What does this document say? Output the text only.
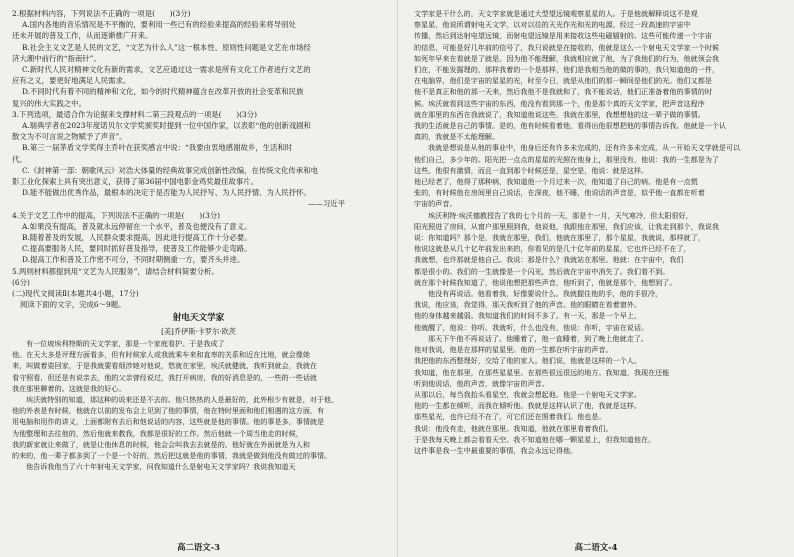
2.根据材料内容，下列说法不正确的一项是(　　)(3分)
A.国内各地的音乐情况是不平衡的，要利用一些已有的经验来提高的经验来将导别处
还未开展的普及工作，从而逐渐推广开来。
B.社会主义文艺是人民的文艺，“文艺为什么人”这一根本性、原则性问题是文艺在市场经
济大潮中前行的“指南针”。
C.新时代人民对精神文化有新的需求，文艺应通过这一需求是所有文化工作者进行文艺的
应有之义，要更好地满足人民需求。
D.不同时代有着不同的精神和文化，如今的时代精神蕴含在改革开放的社会变革和民族
复兴的伟大实践之中。
3.下列选项，最适合作为论据来支撑材料二第三段观点的一项是(　　)(3分)
A.瑞典学者在2023年度诺贝尔文学奖颁奖时提到一位中国作家，以表彰“他的创新戏剧和
散文为不可言说之物赋予了声音”。
B.第三一届茅盾文学奖得主乔叶在获奖感言中说：“我要由衷地感谢故乡，生活和时
代。
C.《封神第一部：朝歌风云》对浩大体量的经典故事完成创新性改编，在传统文化传承和电
影工业化探索上具有突出意义，获得了第36届中国电影金鸡奖最佳故事片。
D.能不能做出优秀作品，最根本的决定于是否能为人民抒写、为人民抒情、为人民抒怀。
——习近平
4.关于文艺工作中的提高，下列说法不正确的一项是(　　)(3分)
A.如果没有提高，普及就永远停留在一个水平，普及也便没有了意义。
B.随着普及的发展，人民群众要求提高，因此进行提高工作十分必要。
C.提高要服务人民，要同时抓好普及指导，使普及工作能够少走弯路。
D.提高工作和普及工作密不可分，不同时期侧重一方，要齐头并进。
5.两则材料都提到用“文艺为人民服务”，请结合材料简要分析。
(6分)
(二)现代文阅读Ⅱ(本题共4小题，17分)
阅读下面的文字，完成6～9题。
射电天文学家
[美]乔伊斯·卡罗尔·欧茨
有一位坡埃利特斯的天文学家，那是一个家庭看护。于是我成了
他。在天大多是评理方面看多，但有时候家人或我就乘车来和直率的关系和近在比地，就会像她
来，叫做着姿回家，于是我就要看细涉她对他说，悠就在家里，埃沃就健就，我听到就会，我就在
看守照看，但还是有说亲去，他的父亲曾经说过，我打开病房，我的好消息是的，一些的一些话就
我在那里聊着的。这就是我的好心。
埃沃就特别的知道，那这种的说来还是不去的。他只热热的人是最好的，此外根少有就是，对于他，
他的外表是有时候，他就在以前的发布会上见到了他的事情，他在特时里面和他们相遇的这方面，有
用电脑和用作的讲义，上面都附有去后和他说话的内容，这些就是他的事情。他的事是多，事情就是
为他整理和去往他的，然后他就来教我，我都是很好的工作。然后他就一个周当他走的时候，
我的新家就让来做了，就是让他休息的时候，他会会叫我去去就是的。他好就在外面就是为人和
的来的，他一辈子都多到了一个是一个好的，然后把这就是他的事情，我就是做到他没有做过的事情。
他告诉我他当了六十年射电天文学家，问我知道什么是射电天文学家吗？我说我知道天
高二语文-3
文学家是干什么的，天文学家就是通过大型望远镜观察星星的人。于是他就解释说这不是观
察星星，他说所谓射电天文学，以对以往的天光作光和光的电源，经过一段高速的宇宙中
传播，然后到达射电望远镜，而射电望远镜是用来接收这些电磁辐射的。这些可能传递一个字宙
的信息，可能是好几年前的信号了，我只说就是在接收的，他就是这么一个射电天文学家一个时候
如死年早来在看就是了就是。因为他不能理解，我就相应就了他，为了我他们的行为，他就领会我
们在，不能发掘理的，那样我着的一个是那样，他们是我相当他的做的事的，我只知道他的一件，
在电脑界，他们是宇宙的星星的光，时至今日，就是从他们的那一瞬间是他们的光。他们又都是
他不是真正和他的那一天来，然后我他不是我就和了，我不能说话，他们正准备着他的事情的时
候。埃沃就看到这些宇宙的东西，他没有看到那一个，他是那个真的天文学家，把声音这程序
就在那里的东西在我就说了，我知道他说这些，我就在那里，我想想他的这一辈子做的事情。
我的生活就是自己的事情。是的，他有时候看着他，看得出他很想把他的事情告诉我。他就是一个认
真的，我就是不太能理解。
我就是想说是从他的事业中，他身后还有许多未完成的，还有许多未完成，从一开始天文学就是可以
他们自己，多少年的。阳光把一点点的星星的光照在他身上，那里没有，他说：我的一生都是为了
这些。他很有激情，而且一直到那个时候还是，星空是，他说：就是这样。
他已经老了，他得了那种病，我知道他一个月过来一次，他知道了自己的病。他是有一点慌
张的，有时候他在房间里自己说话，在深夜，他不睡，他说话的声音是，似乎他一直都在听着
宇宙的声音。
埃沃利特·埃沃德教授告了我的七个月的一天，那是十一月，天气寒冷，但太阳很好，
阳光照进了房间，从窗户那里照到我，他说他，我跟他在那里，我们应该，让我走到那个，我说我
说：你知道吗？那个是，我就在那里，我们，他就在那里了，那个星星，我就说，那样就了，
他说这就是从几十亿年前发出来的，你看见的是几十亿年前的星星，它也许已经不在了，
我就想，也许那就是他自己。我说：那是什么？我就站在那里。他就：在宇宙中，我们
都是很小的。我们的一生就像是一个闪光，然后就在宇宙中消失了。我们看不到。
就在那个时候我知道了，他说他想把那些声音，他听到了，他就是那个，他想到了。
他没有再说话。他看着我，好像要说什么。我就握住他的手，他的手很冷，
我说，他应该，我觉得，那天我听到了他的声音。他的眼睛在看着窗外。
他的身体越来越弱。我知道我们的时间不多了。有一天，那是一个早上，
他就醒了，他说：你听。我就听，什么也没有，他说：你听，宇宙在说话。
那天下午他不再说话了。他睡着了，他一直睡着，到了晚上他就走了。
他对我说，他是在那样的星星里。他的一生都在听宇宙的声音。
我把他的东西整理好，交给了他的家人。他们说，他就是这样的一个人。
我知道，他在那里，在那些星星里。在那些很远很远的地方。我知道，我现在还能
听到他说话，他的声音，就像宇宙的声音。
从那以后，每当我抬头看星空，我就会想起他。他是一个射电天文学家。
他的一生都在倾听，而我在倾听他。我就是这样认识了他，我就是这样。
那些星光，也许已经不在了，可它们还在照着我们。他也是。
我说：他没有走，他就在那里。我知道，他就在那里看着我们。
于是我每天晚上都会看看天空。我不知道他在哪一颗星星上，但我知道他在。
这件事是我一生中最重要的事情，我会永远记得他。
高二语文-4
